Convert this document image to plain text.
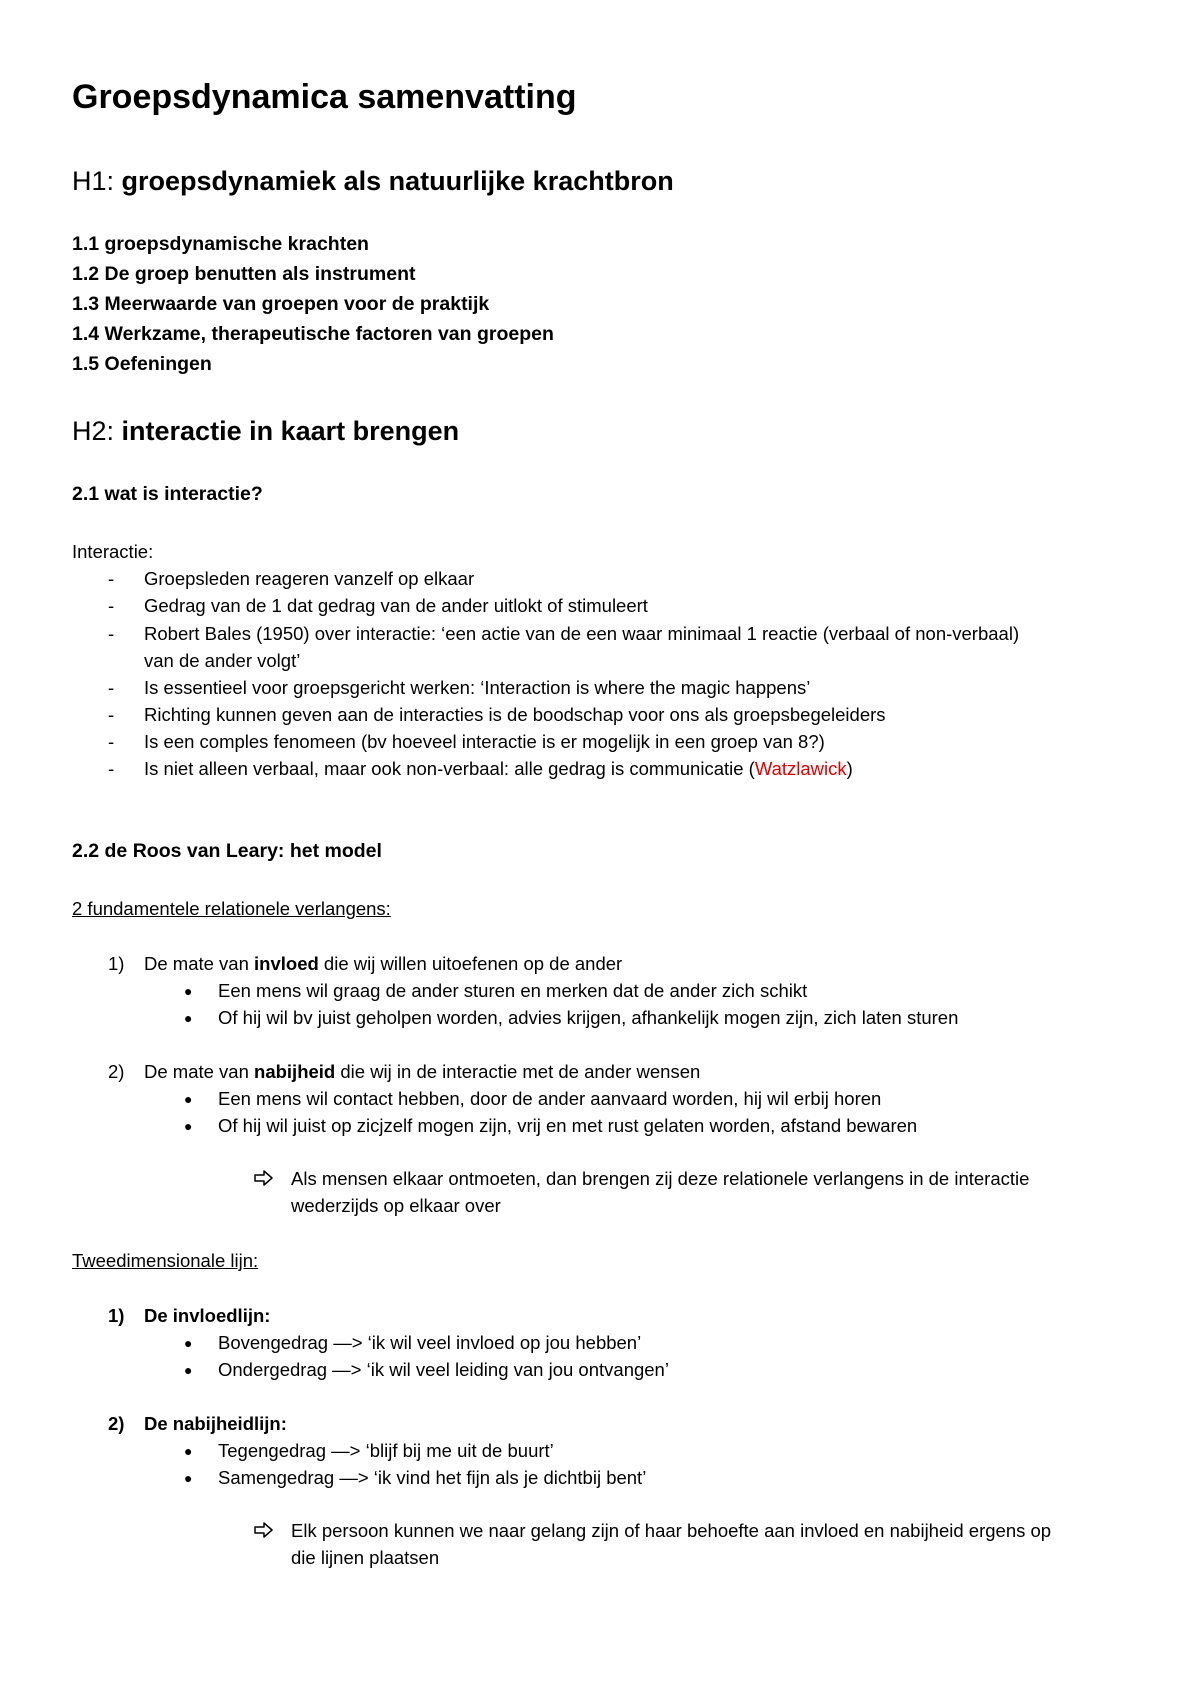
Groepsdynamica samenvatting
H1: groepsdynamiek als natuurlijke krachtbron
1.1 groepsdynamische krachten
1.2 De groep benutten als instrument
1.3 Meerwaarde van groepen voor de praktijk
1.4 Werkzame, therapeutische factoren van groepen
1.5 Oefeningen
H2: interactie in kaart brengen
2.1 wat is interactie?
Interactie:
- Groepsleden reageren vanzelf op elkaar
- Gedrag van de 1 dat gedrag van de ander uitlokt of stimuleert
- Robert Bales (1950) over interactie: ‘een actie van de een waar minimaal 1 reactie (verbaal of non-verbaal)
van de ander volgt’
- Is essentieel voor groepsgericht werken: ‘Interaction is where the magic happens’
- Richting kunnen geven aan de interacties is de boodschap voor ons als groepsbegeleiders
- Is een comples fenomeen (bv hoeveel interactie is er mogelijk in een groep van 8?)
- Is niet alleen verbaal, maar ook non-verbaal: alle gedrag is communicatie (Watzlawick)
2.2 de Roos van Leary: het model
2 fundamentele relationele verlangens:
1) De mate van invloed die wij willen uitoefenen op de ander
● Een mens wil graag de ander sturen en merken dat de ander zich schikt
● Of hij wil bv juist geholpen worden, advies krijgen, afhankelijk mogen zijn, zich laten sturen
2) De mate van nabijheid die wij in de interactie met de ander wensen
● Een mens wil contact hebben, door de ander aanvaard worden, hij wil erbij horen
● Of hij wil juist op zicjzelf mogen zijn, vrij en met rust gelaten worden, afstand bewaren
Als mensen elkaar ontmoeten, dan brengen zij deze relationele verlangens in de interactie
wederzijds op elkaar over
Tweedimensionale lijn:
1) De invloedlijn:
● Bovengedrag —> ‘ik wil veel invloed op jou hebben’
● Ondergedrag —> ‘ik wil veel leiding van jou ontvangen’
2) De nabijheidlijn:
● Tegengedrag —> ‘blijf bij me uit de buurt’
● Samengedrag —> ‘ik vind het fijn als je dichtbij bent’
Elk persoon kunnen we naar gelang zijn of haar behoefte aan invloed en nabijheid ergens op
die lijnen plaatsen
